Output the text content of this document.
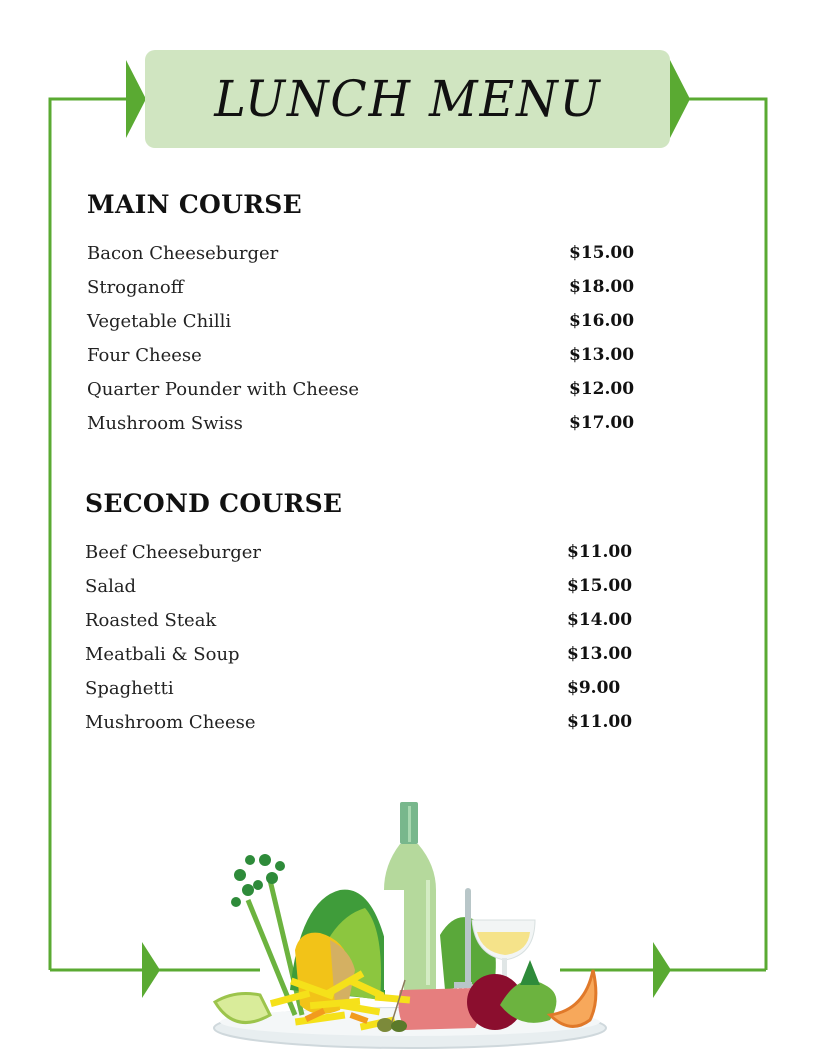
LUNCH MENU
MAIN COURSE
Bacon Cheeseburger	$15.00
Stroganoff	$18.00
Vegetable Chilli	$16.00
Four Cheese	$13.00
Quarter Pounder with Cheese	$12.00
Mushroom Swiss	$17.00
SECOND COURSE
Beef Cheeseburger	$11.00
Salad	$15.00
Roasted Steak	$14.00
Meatbali & Soup	$13.00
Spaghetti	$9.00
Mushroom Cheese	$11.00
